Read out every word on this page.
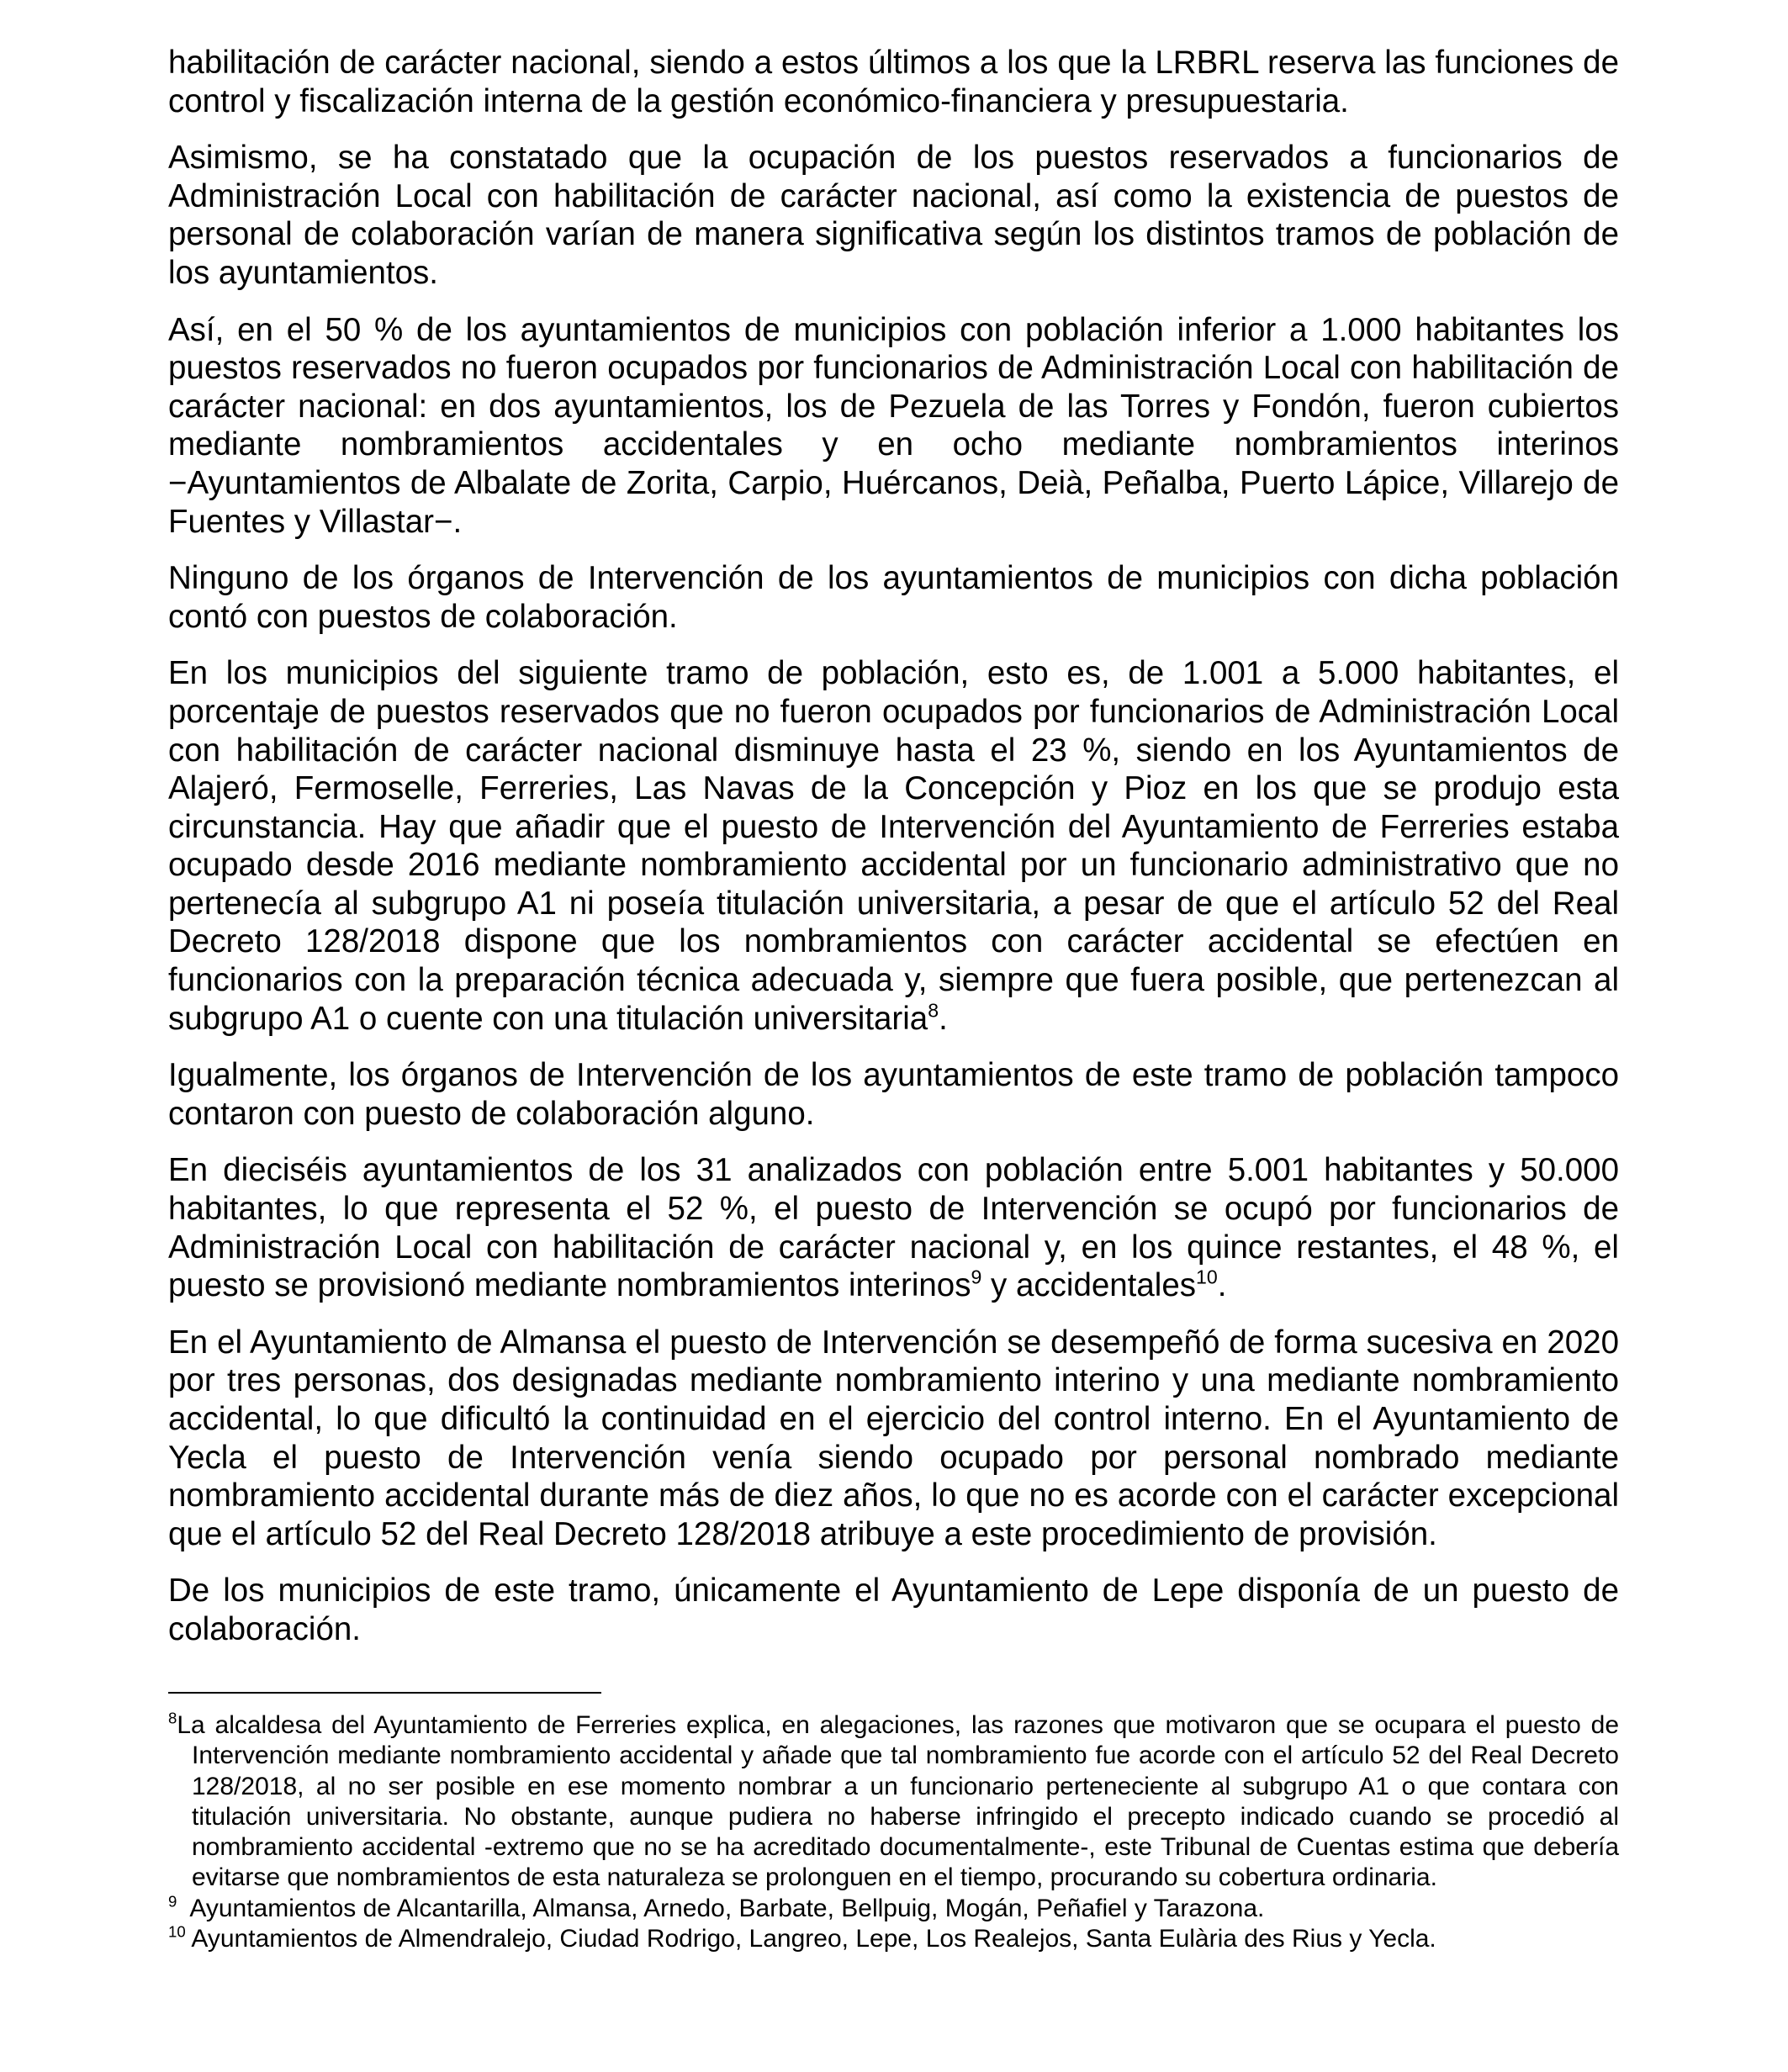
habilitación de carácter nacional, siendo a estos últimos a los que la LRBRL reserva las funciones de control y fiscalización interna de la gestión económico-financiera y presupuestaria.

Asimismo, se ha constatado que la ocupación de los puestos reservados a funcionarios de Administración Local con habilitación de carácter nacional, así como la existencia de puestos de personal de colaboración varían de manera significativa según los distintos tramos de población de los ayuntamientos.

Así, en el 50 % de los ayuntamientos de municipios con población inferior a 1.000 habitantes los puestos reservados no fueron ocupados por funcionarios de Administración Local con habilitación de carácter nacional: en dos ayuntamientos, los de Pezuela de las Torres y Fondón, fueron cubiertos mediante nombramientos accidentales y en ocho mediante nombramientos interinos −Ayuntamientos de Albalate de Zorita, Carpio, Huércanos, Deià, Peñalba, Puerto Lápice, Villarejo de Fuentes y Villastar−.

Ninguno de los órganos de Intervención de los ayuntamientos de municipios con dicha población contó con puestos de colaboración.

En los municipios del siguiente tramo de población, esto es, de 1.001 a 5.000 habitantes, el porcentaje de puestos reservados que no fueron ocupados por funcionarios de Administración Local con habilitación de carácter nacional disminuye hasta el 23 %, siendo en los Ayuntamientos de Alajeró, Fermoselle, Ferreries, Las Navas de la Concepción y Pioz en los que se produjo esta circunstancia. Hay que añadir que el puesto de Intervención del Ayuntamiento de Ferreries estaba ocupado desde 2016 mediante nombramiento accidental por un funcionario administrativo que no pertenecía al subgrupo A1 ni poseía titulación universitaria, a pesar de que el artículo 52 del Real Decreto 128/2018 dispone que los nombramientos con carácter accidental se efectúen en funcionarios con la preparación técnica adecuada y, siempre que fuera posible, que pertenezcan al subgrupo A1 o cuente con una titulación universitaria$^8$.

Igualmente, los órganos de Intervención de los ayuntamientos de este tramo de población tampoco contaron con puesto de colaboración alguno.

En dieciséis ayuntamientos de los 31 analizados con población entre 5.001 habitantes y 50.000 habitantes, lo que representa el 52 %, el puesto de Intervención se ocupó por funcionarios de Administración Local con habilitación de carácter nacional y, en los quince restantes, el 48 %, el puesto se provisionó mediante nombramientos interinos$^9$ y accidentales$^{10}$.

En el Ayuntamiento de Almansa el puesto de Intervención se desempeñó de forma sucesiva en 2020 por tres personas, dos designadas mediante nombramiento interino y una mediante nombramiento accidental, lo que dificultó la continuidad en el ejercicio del control interno. En el Ayuntamiento de Yecla el puesto de Intervención venía siendo ocupado por personal nombrado mediante nombramiento accidental durante más de diez años, lo que no es acorde con el carácter excepcional que el artículo 52 del Real Decreto 128/2018 atribuye a este procedimiento de provisión.

De los municipios de este tramo, únicamente el Ayuntamiento de Lepe disponía de un puesto de colaboración.

$^8$La alcaldesa del Ayuntamiento de Ferreries explica, en alegaciones, las razones que motivaron que se ocupara el puesto de Intervención mediante nombramiento accidental y añade que tal nombramiento fue acorde con el artículo 52 del Real Decreto 128/2018, al no ser posible en ese momento nombrar a un funcionario perteneciente al subgrupo A1 o que contara con titulación universitaria. No obstante, aunque pudiera no haberse infringido el precepto indicado cuando se procedió al nombramiento accidental -extremo que no se ha acreditado documentalmente-, este Tribunal de Cuentas estima que debería evitarse que nombramientos de esta naturaleza se prolonguen en el tiempo, procurando su cobertura ordinaria.

$^9$ Ayuntamientos de Alcantarilla, Almansa, Arnedo, Barbate, Bellpuig, Mogán, Peñafiel y Tarazona.

$^{10}$ Ayuntamientos de Almendralejo, Ciudad Rodrigo, Langreo, Lepe, Los Realejos, Santa Eulària des Rius y Yecla.
